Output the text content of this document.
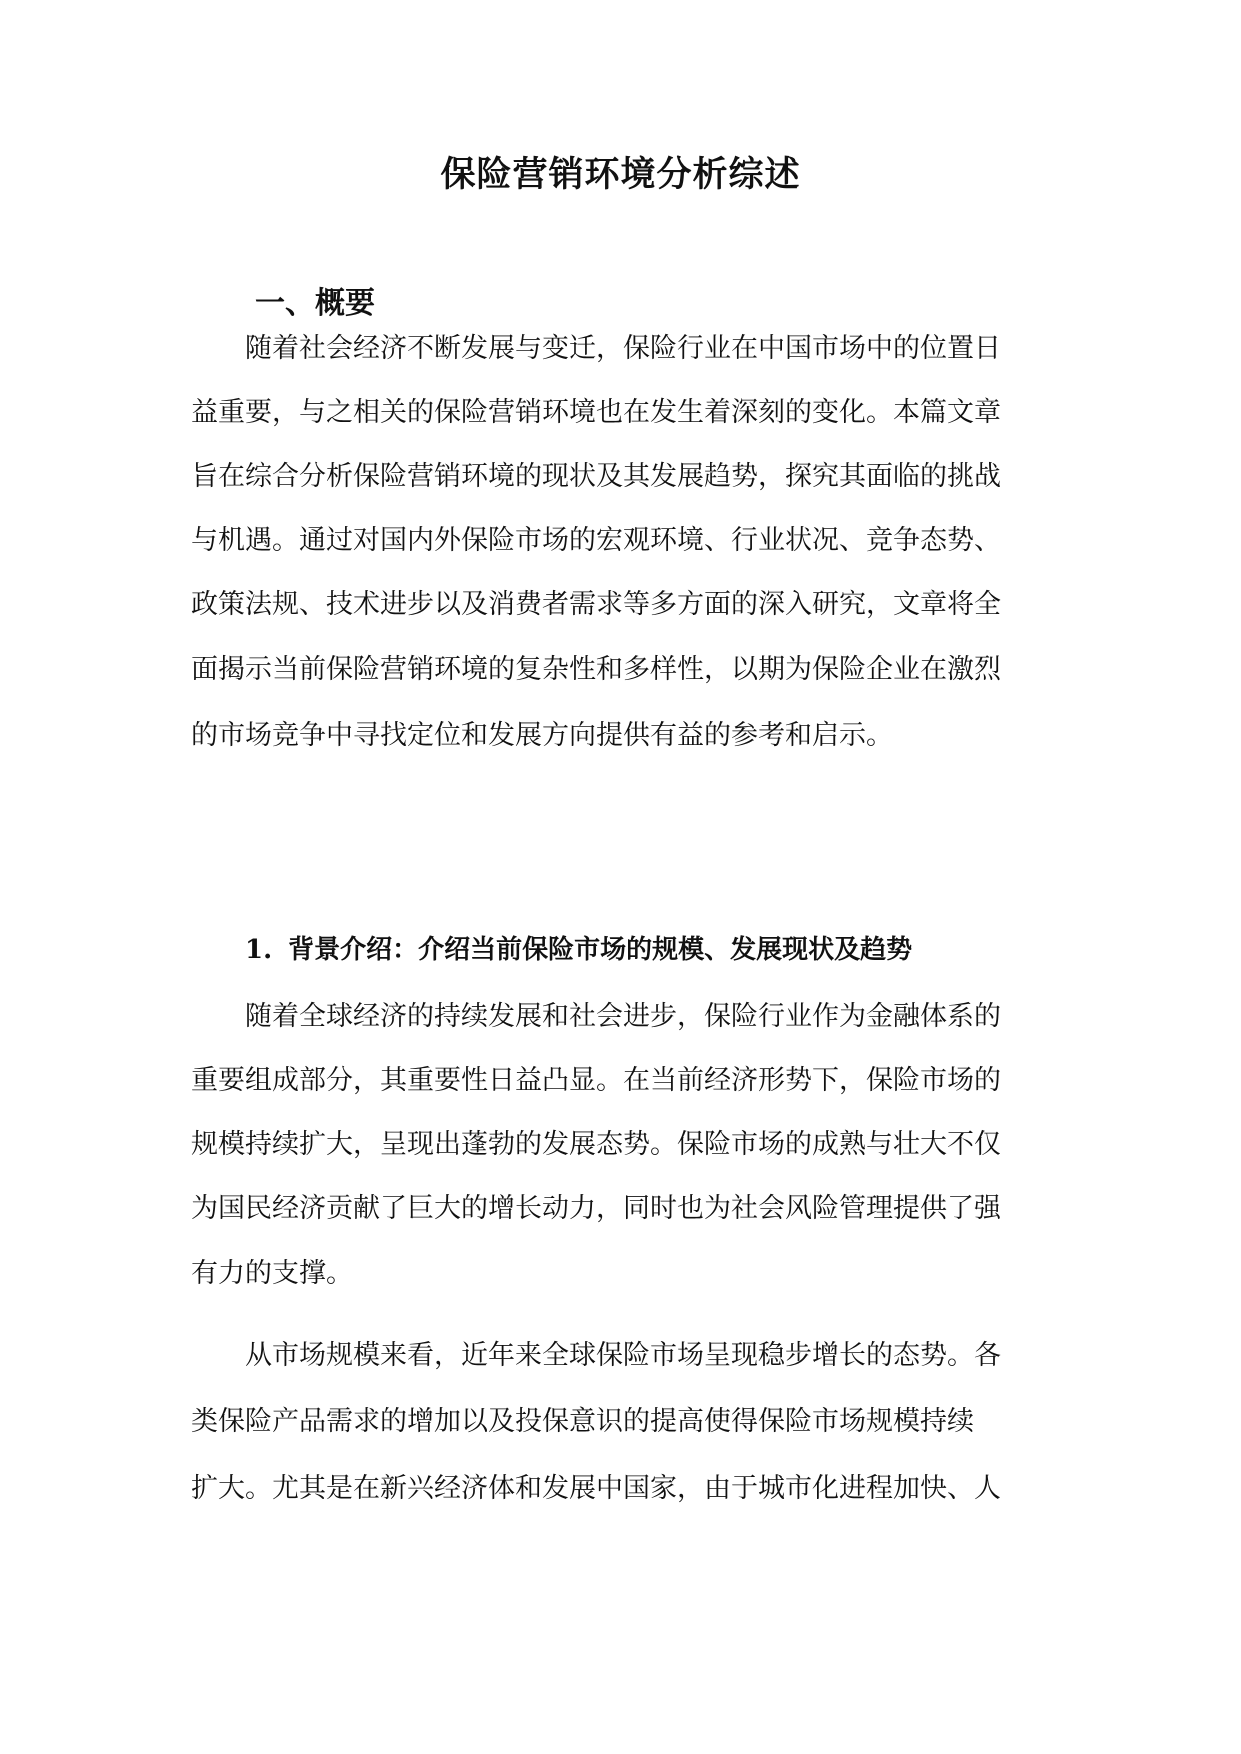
保险营销环境分析综述
一、概要

随着社会经济不断发展与变迁，保险行业在中国市场中的位置日

益重要，与之相关的保险营销环境也在发生着深刻的变化。本篇文章

旨在综合分析保险营销环境的现状及其发展趋势，探究其面临的挑战

与机遇。通过对国内外保险市场的宏观环境、行业状况、竞争态势、

政策法规、技术进步以及消费者需求等多方面的深入研究，文章将全

面揭示当前保险营销环境的复杂性和多样性，以期为保险企业在激烈

的市场竞争中寻找定位和发展方向提供有益的参考和启示。

1. 背景介绍：介绍当前保险市场的规模、发展现状及趋势

随着全球经济的持续发展和社会进步，保险行业作为金融体系的

重要组成部分，其重要性日益凸显。在当前经济形势下，保险市场的

规模持续扩大，呈现出蓬勃的发展态势。保险市场的成熟与壮大不仅

为国民经济贡献了巨大的增长动力，同时也为社会风险管理提供了强

有力的支撑。

从市场规模来看，近年来全球保险市场呈现稳步增长的态势。各

类保险产品需求的增加以及投保意识的提高使得保险市场规模持续

扩大。尤其是在新兴经济体和发展中国家，由于城市化进程加快、人
